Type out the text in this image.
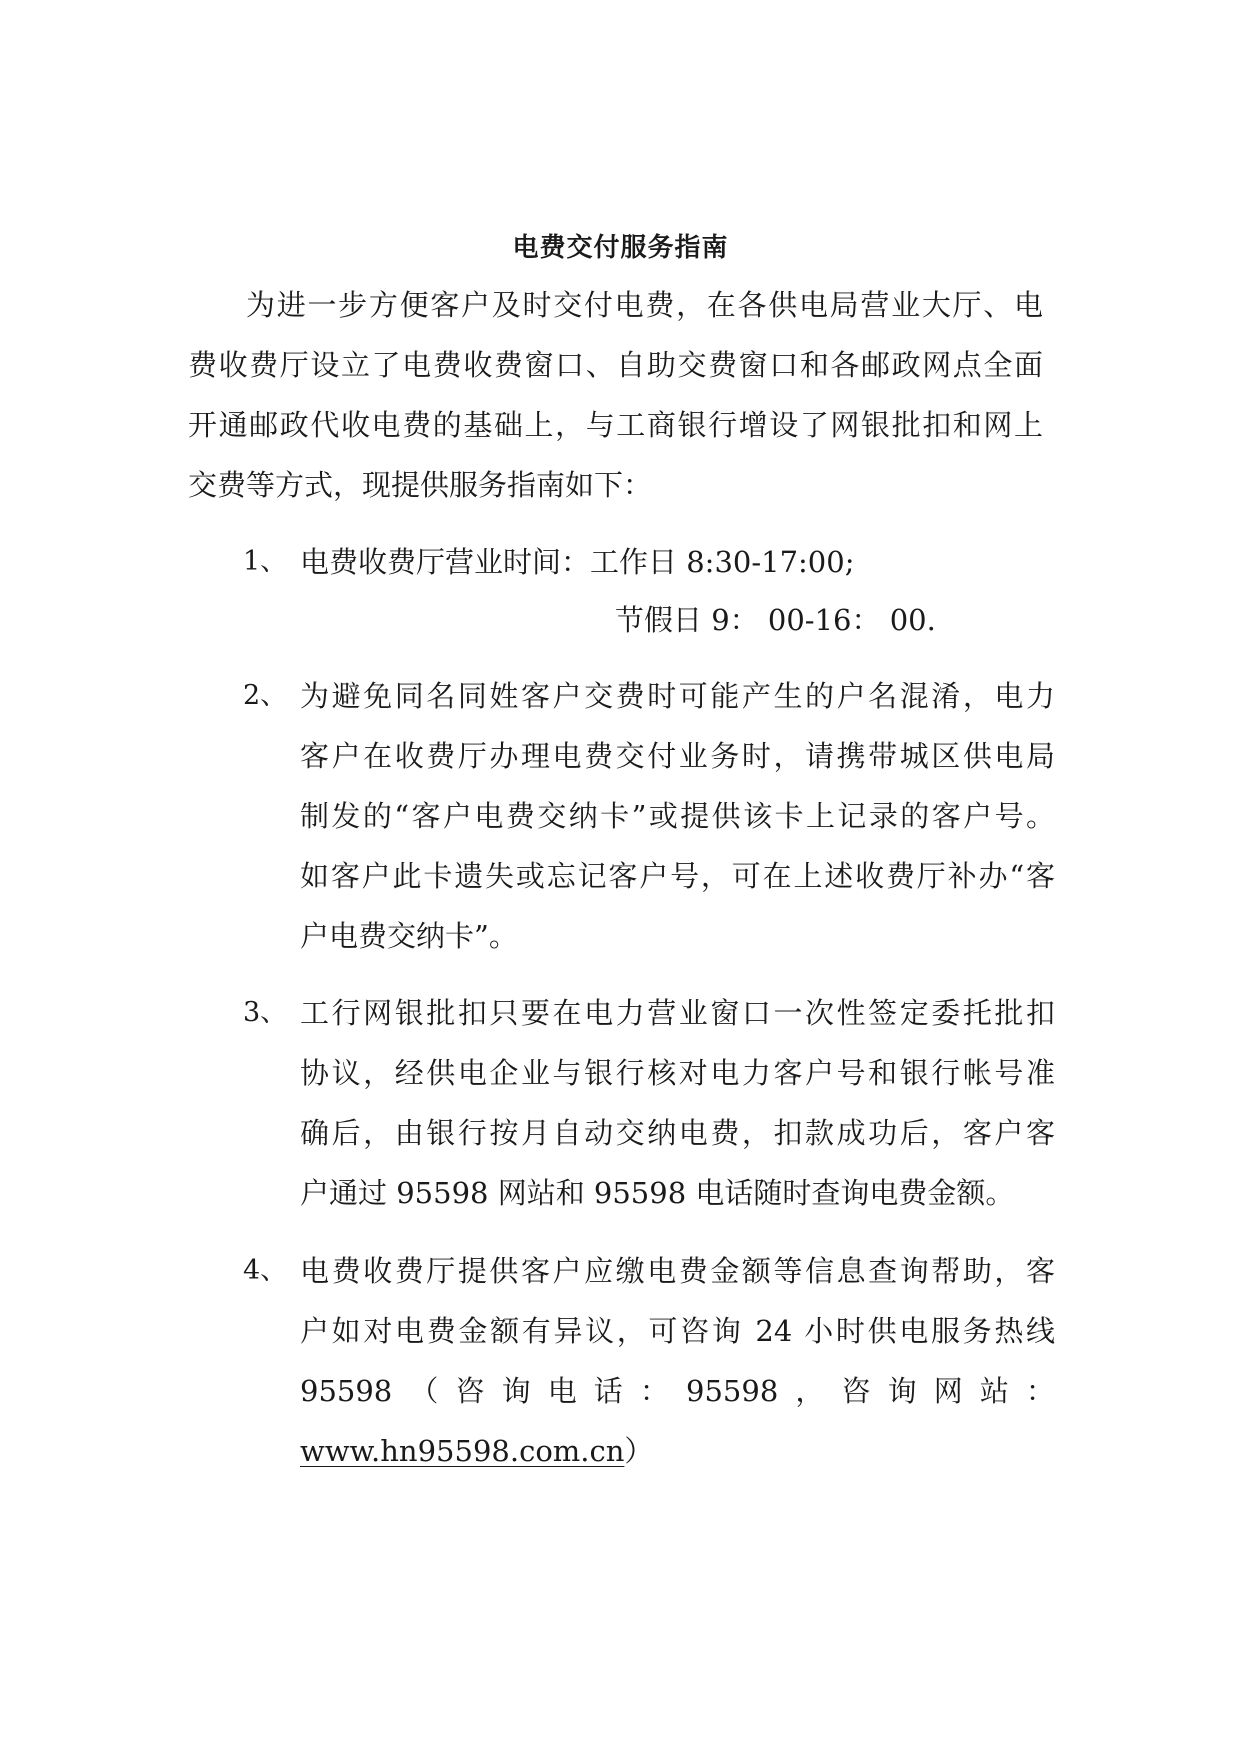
电费交付服务指南

为进一步方便客户及时交付电费，在各供电局营业大厅、电

费收费厅设立了电费收费窗口、自助交费窗口和各邮政网点全面

开通邮政代收电费的基础上，与工商银行增设了网银批扣和网上

交费等方式，现提供服务指南如下：

1、 电费收费厅营业时间：工作日 8:30-17:00;

节假日 9： 00-16： 00.

2、 为避免同名同姓客户交费时可能产生的户名混淆，电力

客户在收费厅办理电费交付业务时，请携带城区供电局

制发的“客户电费交纳卡”或提供该卡上记录的客户号。

如客户此卡遗失或忘记客户号，可在上述收费厅补办“客

户电费交纳卡”。

3、 工行网银批扣只要在电力营业窗口一次性签定委托批扣

协议，经供电企业与银行核对电力客户号和银行帐号准

确后，由银行按月自动交纳电费，扣款成功后，客户客

户通过 95598 网站和 95598 电话随时查询电费金额。

4、 电费收费厅提供客户应缴电费金额等信息查询帮助，客

户如对电费金额有异议，可咨询 24 小时供电服务热线

95598 （ 咨 询 电 话 ： 95598 ， 咨 询 网 站 ：

www.hn95598.com.cn）
